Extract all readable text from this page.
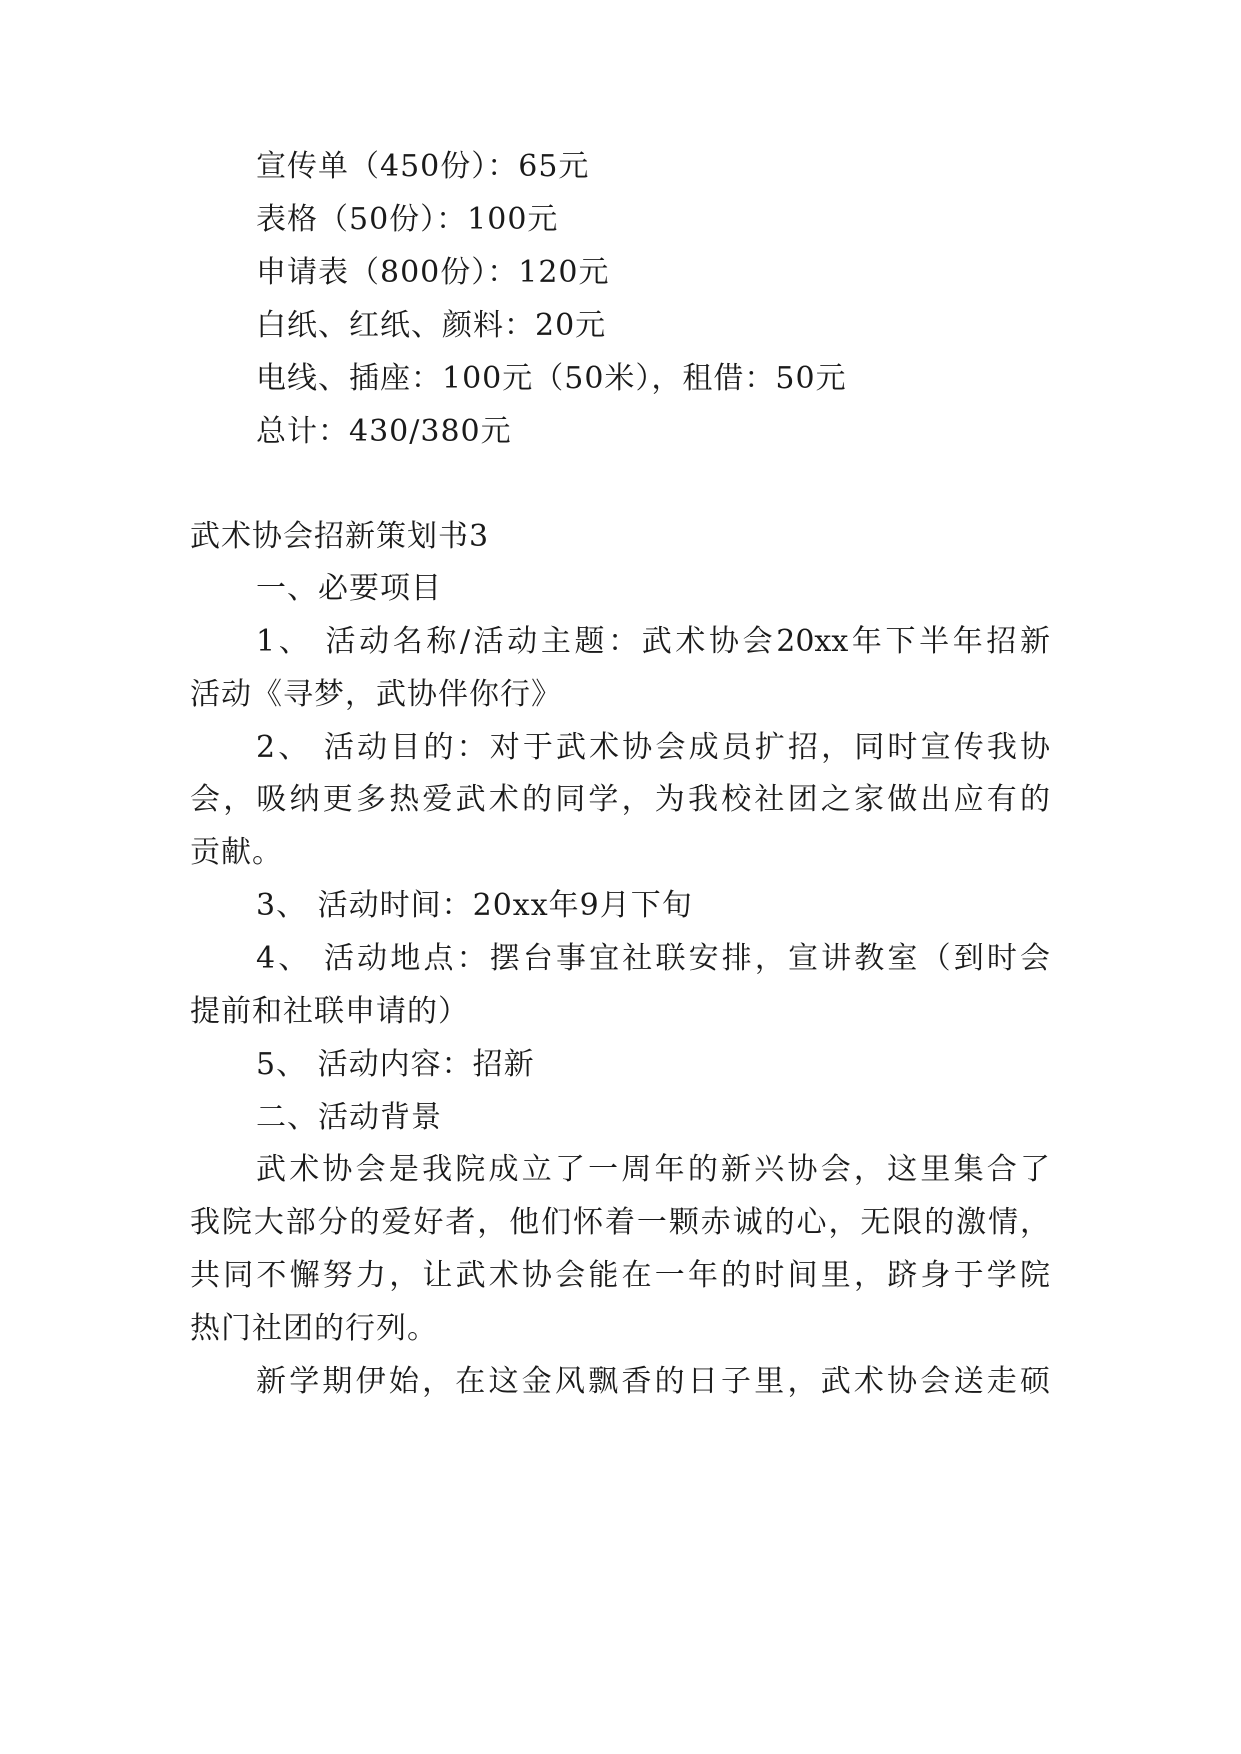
宣传单（450份）：65元
表格（50份）：100元
申请表（800份）：120元
白纸、红纸、颜料：20元
电线、插座：100元（50米），租借：50元
总计：430/380元
武术协会招新策划书3
一、必要项目
1、 活动名称/活动主题：武术协会20xx年下半年招新
活动《寻梦，武协伴你行》
2、 活动目的：对于武术协会成员扩招，同时宣传我协
会，吸纳更多热爱武术的同学，为我校社团之家做出应有的
贡献。
3、 活动时间：20xx年9月下旬
4、 活动地点：摆台事宜社联安排，宣讲教室（到时会
提前和社联申请的）
5、 活动内容：招新
二、活动背景
武术协会是我院成立了一周年的新兴协会，这里集合了
我院大部分的爱好者，他们怀着一颗赤诚的心，无限的激情，
共同不懈努力，让武术协会能在一年的时间里，跻身于学院
热门社团的行列。
新学期伊始，在这金风飘香的日子里，武术协会送走硕
